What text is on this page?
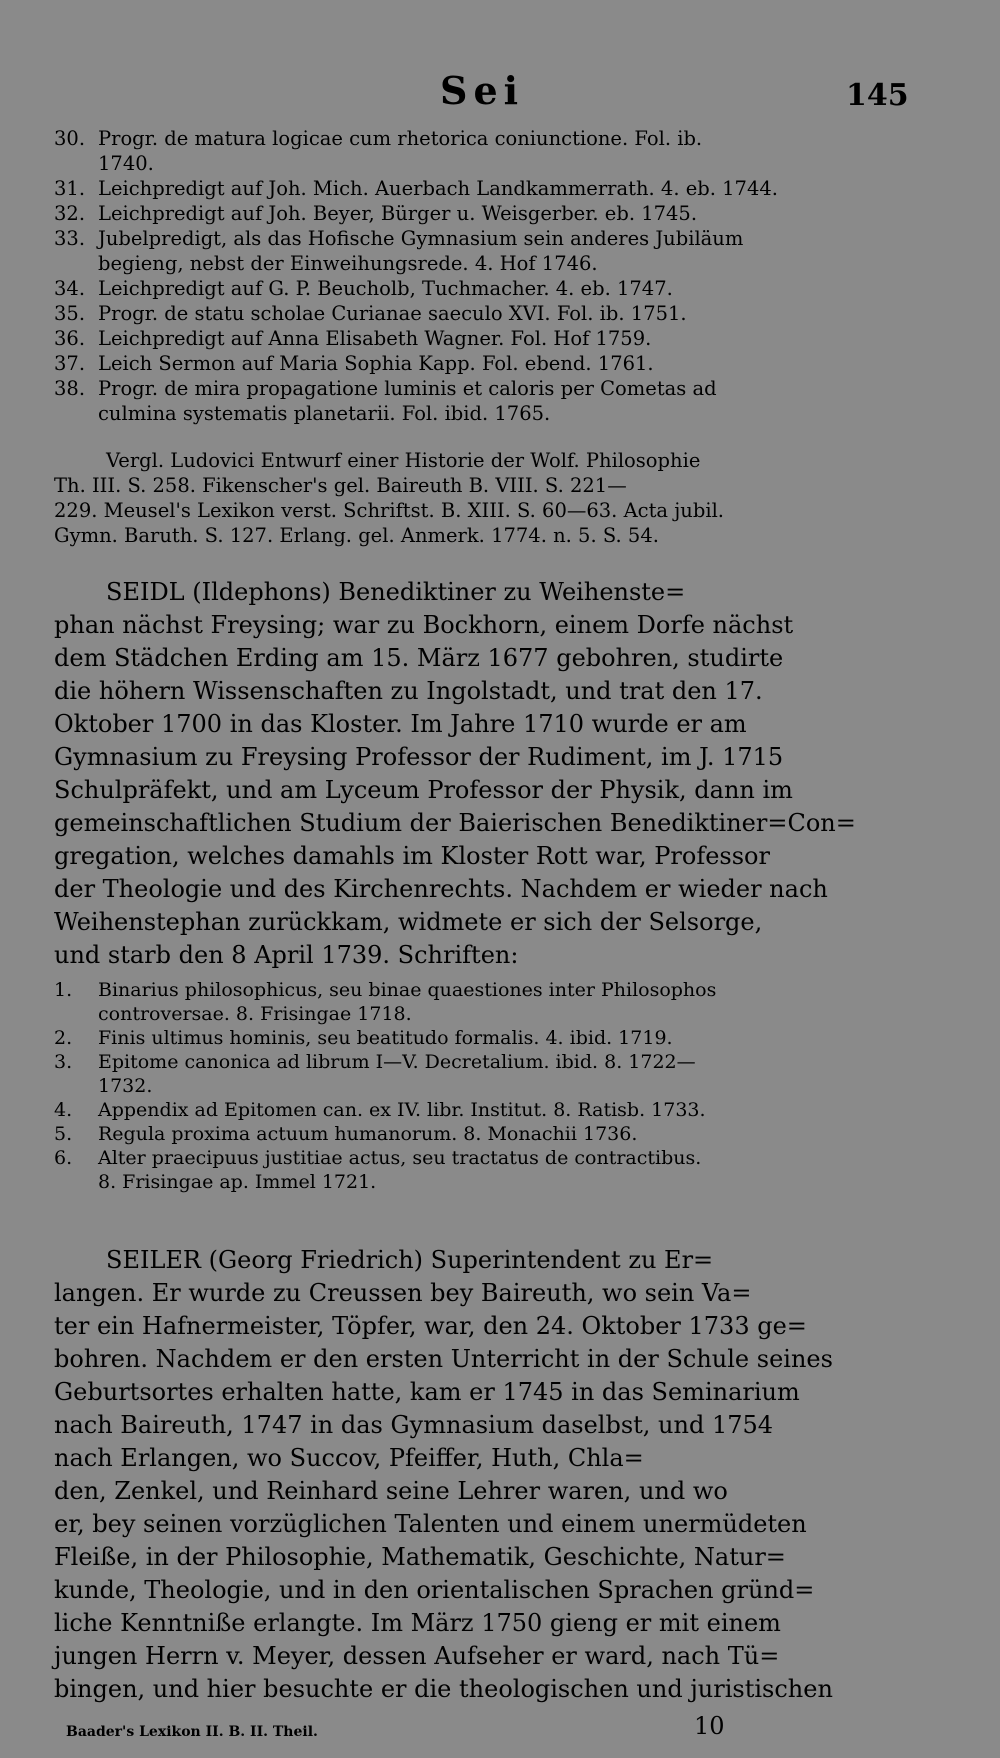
Sei	145
30. Progr. de matura logicae cum rhetorica coniunctione. Fol. ib.
1740.
31. Leichpredigt auf Joh. Mich. Auerbach Landkammerrath. 4. eb. 1744.
32. Leichpredigt auf Joh. Beyer, Bürger u. Weisgerber. eb. 1745.
33. Jubelpredigt, als das Hofische Gymnasium sein anderes Jubiläum
begieng, nebst der Einweihungsrede. 4. Hof 1746.
34. Leichpredigt auf G. P. Beucholb, Tuchmacher. 4. eb. 1747.
35. Progr. de statu scholae Curianae saeculo XVI. Fol. ib. 1751.
36. Leichpredigt auf Anna Elisabeth Wagner. Fol. Hof 1759.
37. Leich Sermon auf Maria Sophia Kapp. Fol. ebend. 1761.
38. Progr. de mira propagatione luminis et caloris per Cometas ad
culmina systematis planetarii. Fol. ibid. 1765.
Vergl. Ludovici Entwurf einer Historie der Wolf. Philosophie
Th. III. S. 258. Fikenscher's gel. Baireuth B. VIII. S. 221—
229. Meusel's Lexikon verst. Schriftst. B. XIII. S. 60—63. Acta jubil.
Gymn. Baruth. S. 127. Erlang. gel. Anmerk. 1774. n. 5. S. 54.
SEIDL (Ildephons) Benediktiner zu Weihenste=
phan nächst Freysing; war zu Bockhorn, einem Dorfe nächst
dem Städchen Erding am 15. März 1677 gebohren, studirte
die höhern Wissenschaften zu Ingolstadt, und trat den 17.
Oktober 1700 in das Kloster. Im Jahre 1710 wurde er am
Gymnasium zu Freysing Professor der Rudiment, im J. 1715
Schulpräfekt, und am Lyceum Professor der Physik, dann im
gemeinschaftlichen Studium der Baierischen Benediktiner=Con=
gregation, welches damahls im Kloster Rott war, Professor
der Theologie und des Kirchenrechts. Nachdem er wieder nach
Weihenstephan zurückkam, widmete er sich der Selsorge,
und starb den 8 April 1739. Schriften:
1. Binarius philosophicus, seu binae quaestiones inter Philosophos
controversae. 8. Frisingae 1718.
2. Finis ultimus hominis, seu beatitudo formalis. 4. ibid. 1719.
3. Epitome canonica ad librum I—V. Decretalium. ibid. 8. 1722—
1732.
4. Appendix ad Epitomen can. ex IV. libr. Institut. 8. Ratisb. 1733.
5. Regula proxima actuum humanorum. 8. Monachii 1736.
6. Alter praecipuus justitiae actus, seu tractatus de contractibus.
8. Frisingae ap. Immel 1721.
SEILER (Georg Friedrich) Superintendent zu Er=
langen. Er wurde zu Creussen bey Baireuth, wo sein Va=
ter ein Hafnermeister, Töpfer, war, den 24. Oktober 1733 ge=
bohren. Nachdem er den ersten Unterricht in der Schule seines
Geburtsortes erhalten hatte, kam er 1745 in das Seminarium
nach Baireuth, 1747 in das Gymnasium daselbst, und 1754
nach Erlangen, wo Succov, Pfeiffer, Huth, Chla=
den, Zenkel, und Reinhard seine Lehrer waren, und wo
er, bey seinen vorzüglichen Talenten und einem unermüdeten
Fleiße, in der Philosophie, Mathematik, Geschichte, Natur=
kunde, Theologie, und in den orientalischen Sprachen gründ=
liche Kenntniße erlangte. Im März 1750 gieng er mit einem
jungen Herrn v. Meyer, dessen Aufseher er ward, nach Tü=
bingen, und hier besuchte er die theologischen und juristischen
Baader's Lexikon II. B. II. Theil.	10
